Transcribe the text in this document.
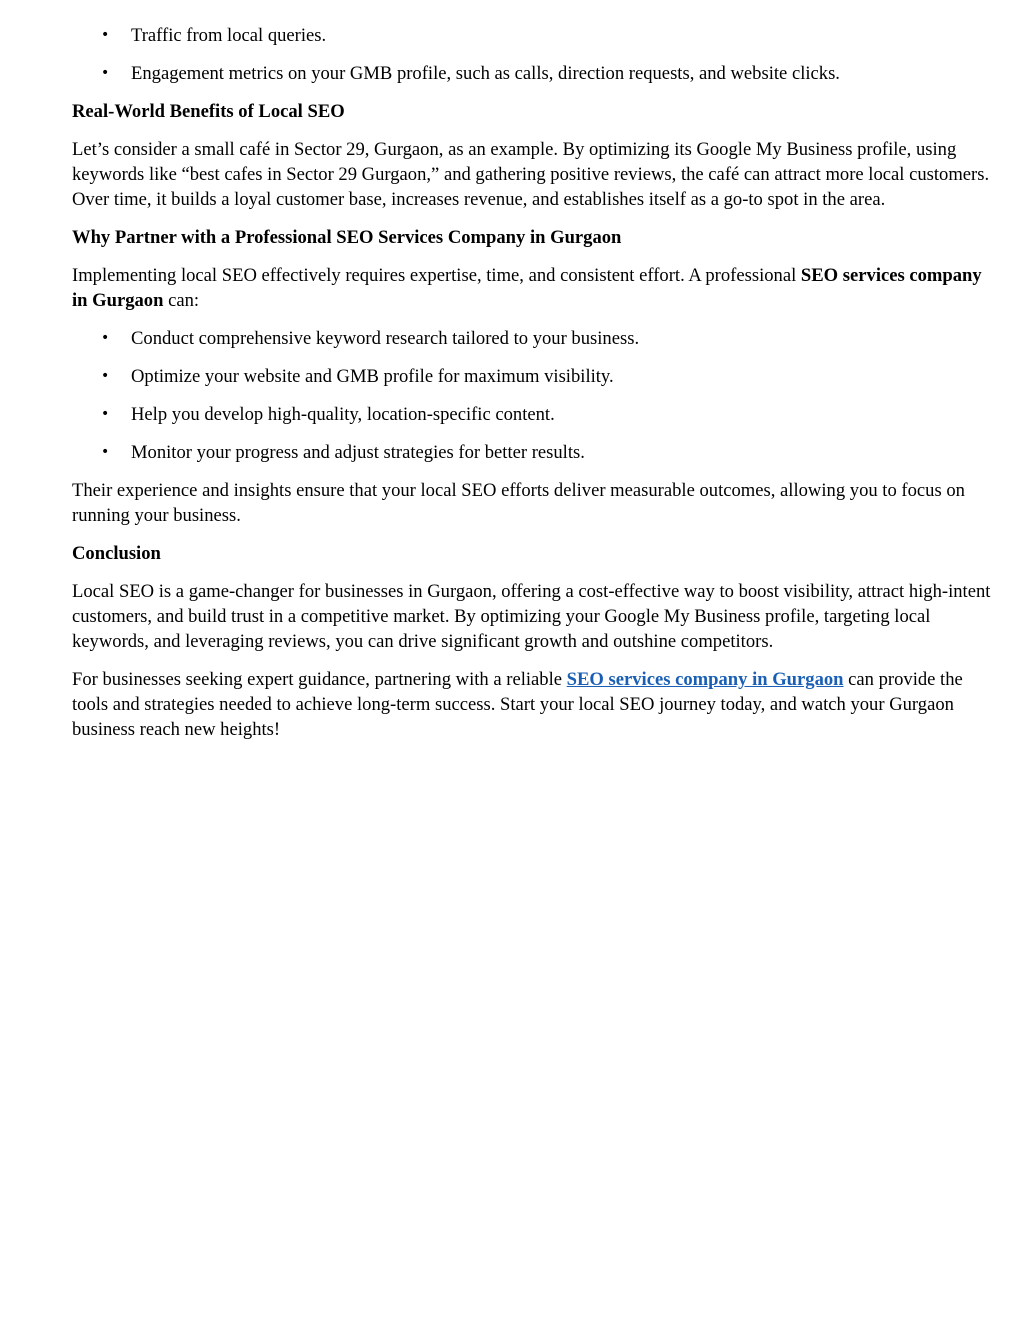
• Traffic from local queries.
• Engagement metrics on your GMB profile, such as calls, direction requests, and website clicks.
Real-World Benefits of Local SEO

Let’s consider a small café in Sector 29, Gurgaon, as an example. By optimizing its Google My Business profile, using keywords like “best cafes in Sector 29 Gurgaon,” and gathering positive reviews, the café can attract more local customers. Over time, it builds a loyal customer base, increases revenue, and establishes itself as a go-to spot in the area.

Why Partner with a Professional SEO Services Company in Gurgaon

Implementing local SEO effectively requires expertise, time, and consistent effort. A professional SEO services company in Gurgaon can:

• Conduct comprehensive keyword research tailored to your business.
• Optimize your website and GMB profile for maximum visibility.
• Help you develop high-quality, location-specific content.
• Monitor your progress and adjust strategies for better results.

Their experience and insights ensure that your local SEO efforts deliver measurable outcomes, allowing you to focus on running your business.

Conclusion

Local SEO is a game-changer for businesses in Gurgaon, offering a cost-effective way to boost visibility, attract high-intent customers, and build trust in a competitive market. By optimizing your Google My Business profile, targeting local keywords, and leveraging reviews, you can drive significant growth and outshine competitors.

For businesses seeking expert guidance, partnering with a reliable SEO services company in Gurgaon can provide the tools and strategies needed to achieve long-term success. Start your local SEO journey today, and watch your Gurgaon business reach new heights!
